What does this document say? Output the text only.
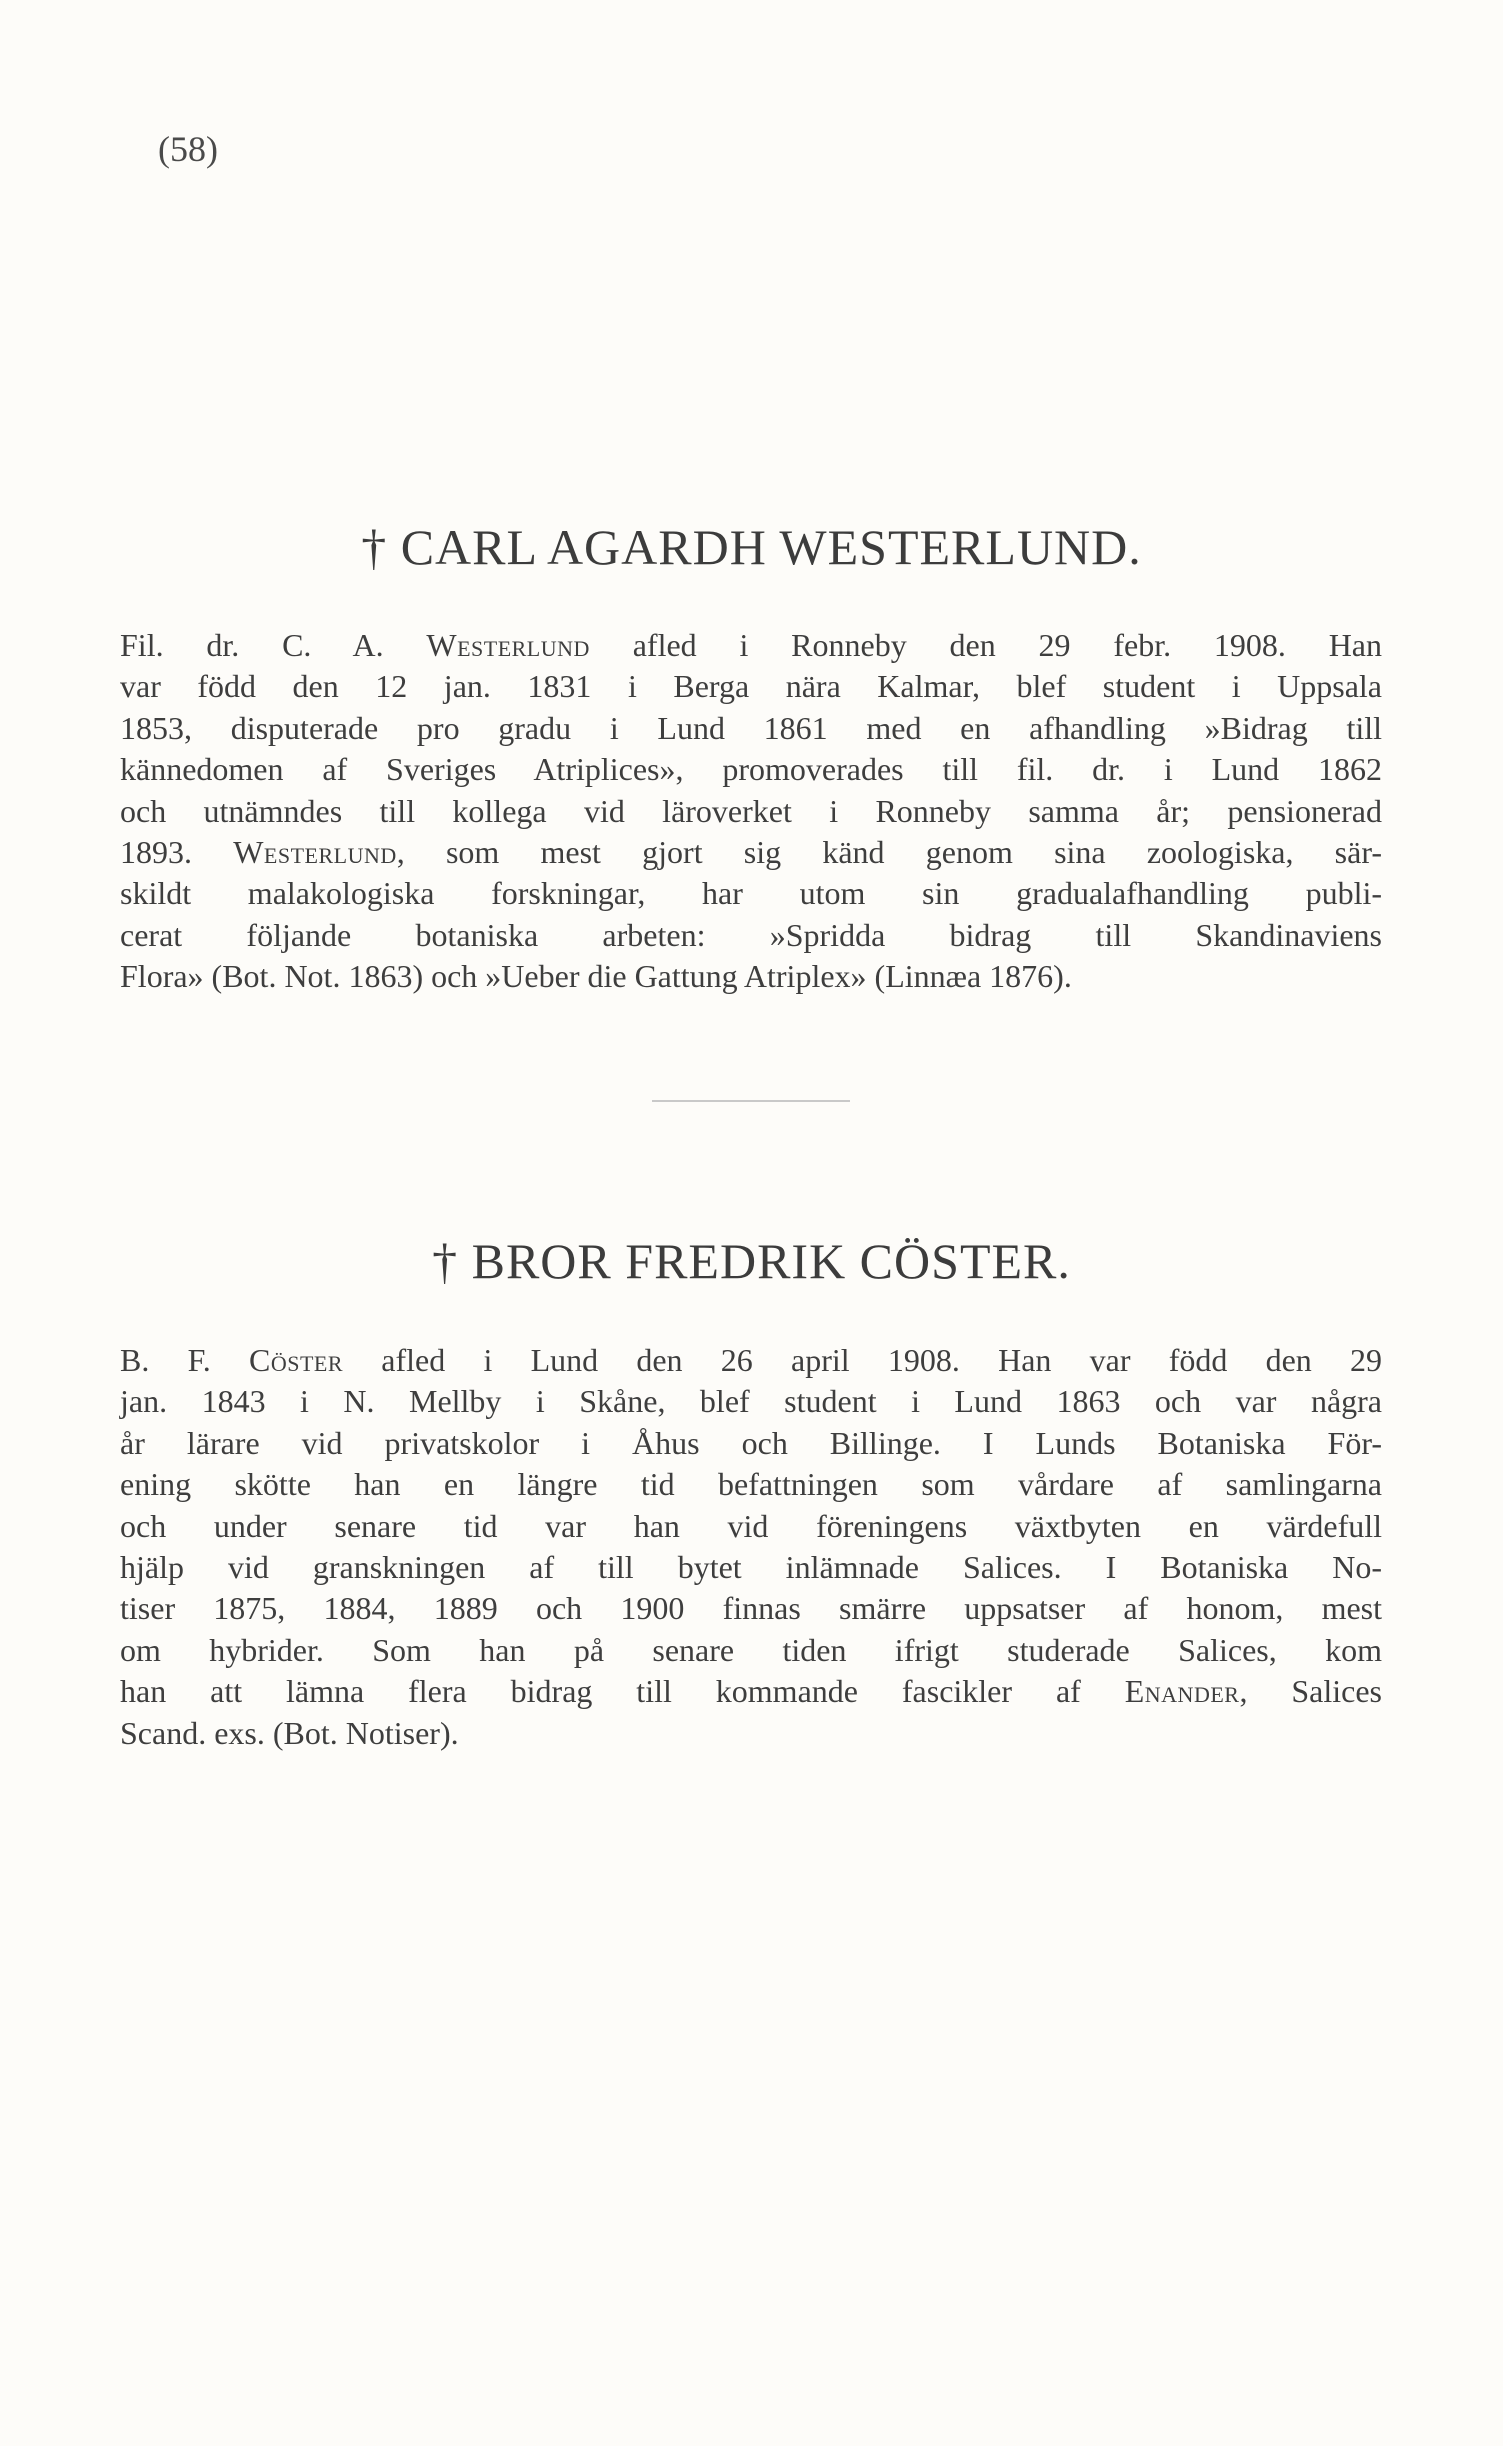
(58)
† CARL AGARDH WESTERLUND.
Fil. dr. C. A. Westerlund afled i Ronneby den 29 febr. 1908. Han
var född den 12 jan. 1831 i Berga nära Kalmar, blef student i Uppsala
1853, disputerade pro gradu i Lund 1861 med en afhandling »Bidrag till
kännedomen af Sveriges Atriplices», promoverades till fil. dr. i Lund 1862
och utnämndes till kollega vid läroverket i Ronneby samma år; pensionerad
1893. Westerlund, som mest gjort sig känd genom sina zoologiska, sär-
skildt malakologiska forskningar, har utom sin gradualafhandling publi-
cerat följande botaniska arbeten: »Spridda bidrag till Skandinaviens
Flora» (Bot. Not. 1863) och »Ueber die Gattung Atriplex» (Linnæa 1876).
† BROR FREDRIK CÖSTER.
B. F. Cöster afled i Lund den 26 april 1908. Han var född den 29
jan. 1843 i N. Mellby i Skåne, blef student i Lund 1863 och var några
år lärare vid privatskolor i Åhus och Billinge. I Lunds Botaniska För-
ening skötte han en längre tid befattningen som vårdare af samlingarna
och under senare tid var han vid föreningens växtbyten en värdefull
hjälp vid granskningen af till bytet inlämnade Salices. I Botaniska No-
tiser 1875, 1884, 1889 och 1900 finnas smärre uppsatser af honom, mest
om hybrider. Som han på senare tiden ifrigt studerade Salices, kom
han att lämna flera bidrag till kommande fascikler af Enander, Salices
Scand. exs. (Bot. Notiser).
